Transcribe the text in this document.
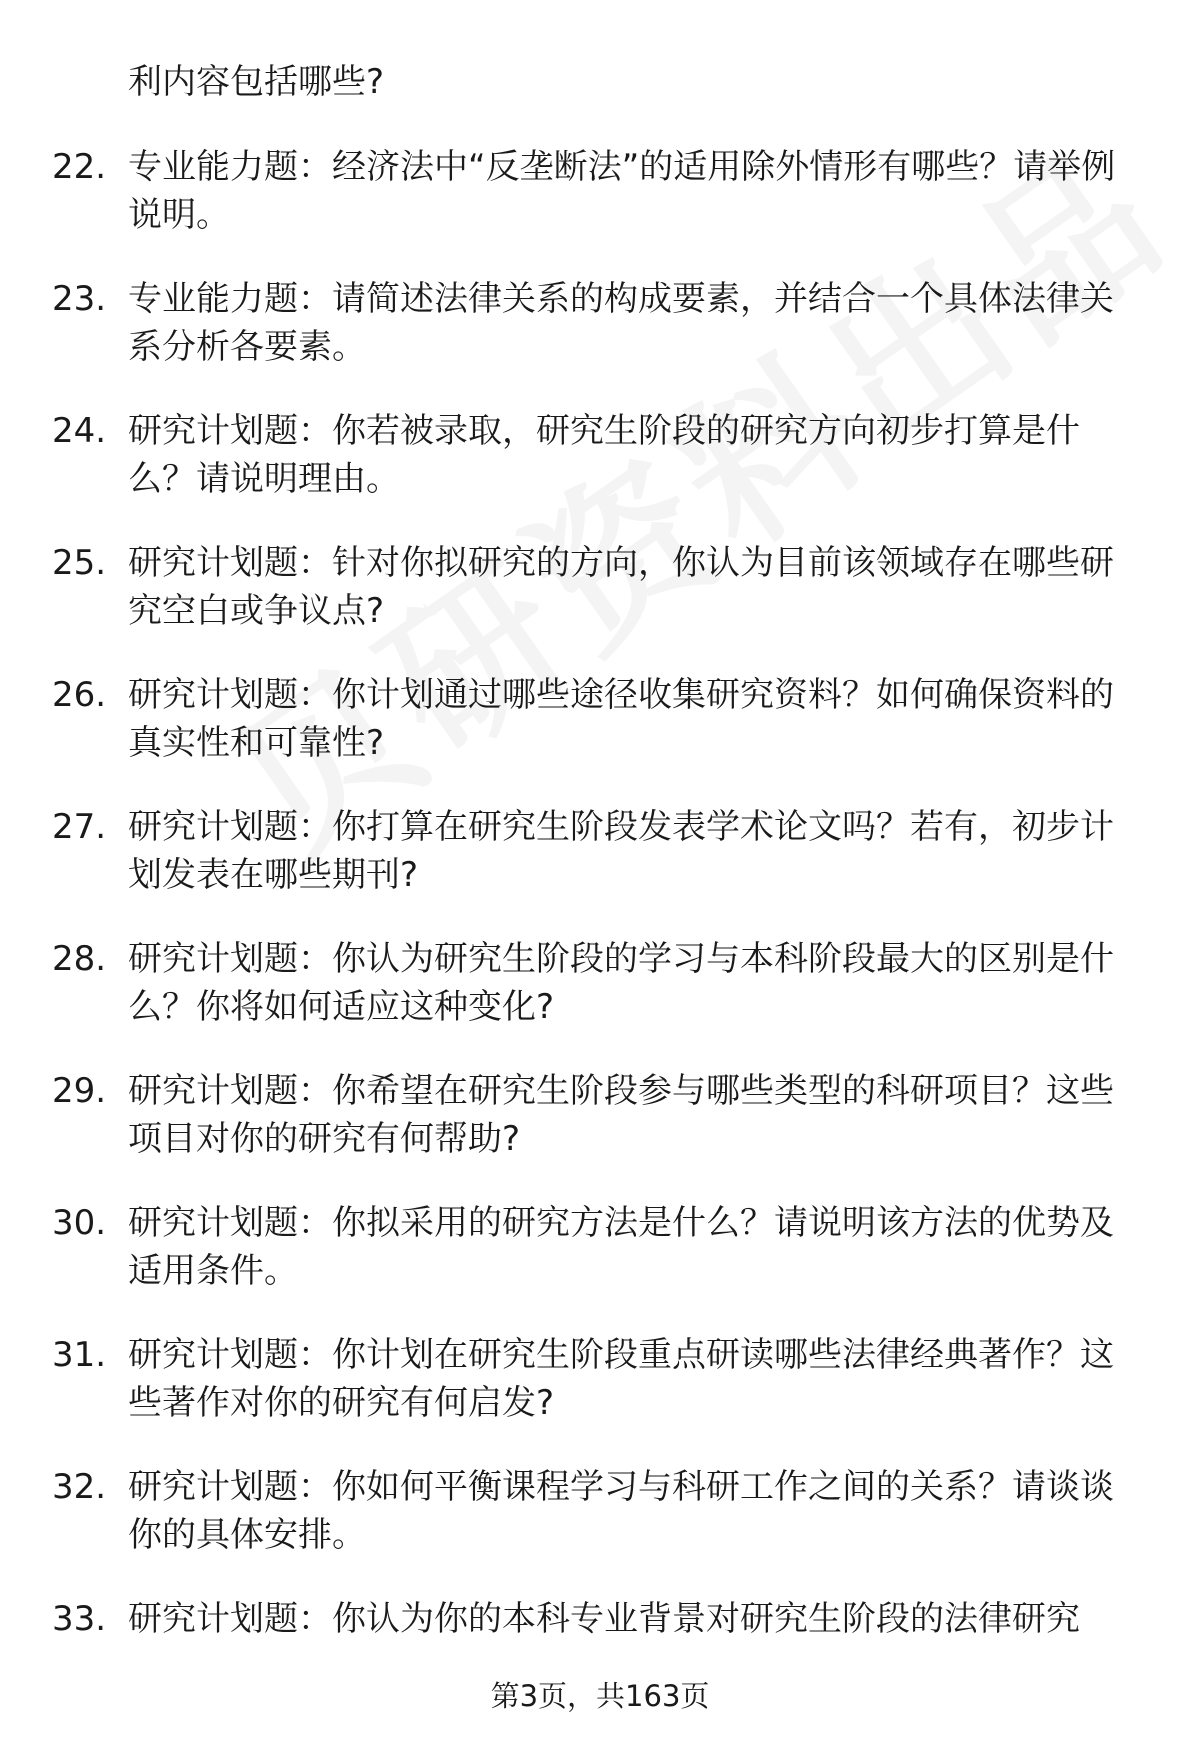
利内容包括哪些?
22. 专业能力题：经济法中“反垄断法”的适用除外情形有哪些？请举例说明。
23. 专业能力题：请简述法律关系的构成要素，并结合一个具体法律关系分析各要素。
24. 研究计划题：你若被录取，研究生阶段的研究方向初步打算是什么？请说明理由。
25. 研究计划题：针对你拟研究的方向，你认为目前该领域存在哪些研究空白或争议点?
26. 研究计划题：你计划通过哪些途径收集研究资料？如何确保资料的真实性和可靠性?
27. 研究计划题：你打算在研究生阶段发表学术论文吗？若有，初步计划发表在哪些期刊?
28. 研究计划题：你认为研究生阶段的学习与本科阶段最大的区别是什么？你将如何适应这种变化?
29. 研究计划题：你希望在研究生阶段参与哪些类型的科研项目？这些项目对你的研究有何帮助?
30. 研究计划题：你拟采用的研究方法是什么？请说明该方法的优势及适用条件。
31. 研究计划题：你计划在研究生阶段重点研读哪些法律经典著作？这些著作对你的研究有何启发?
32. 研究计划题：你如何平衡课程学习与科研工作之间的关系？请谈谈你的具体安排。
33. 研究计划题：你认为你的本科专业背景对研究生阶段的法律研究
第3页，共163页
